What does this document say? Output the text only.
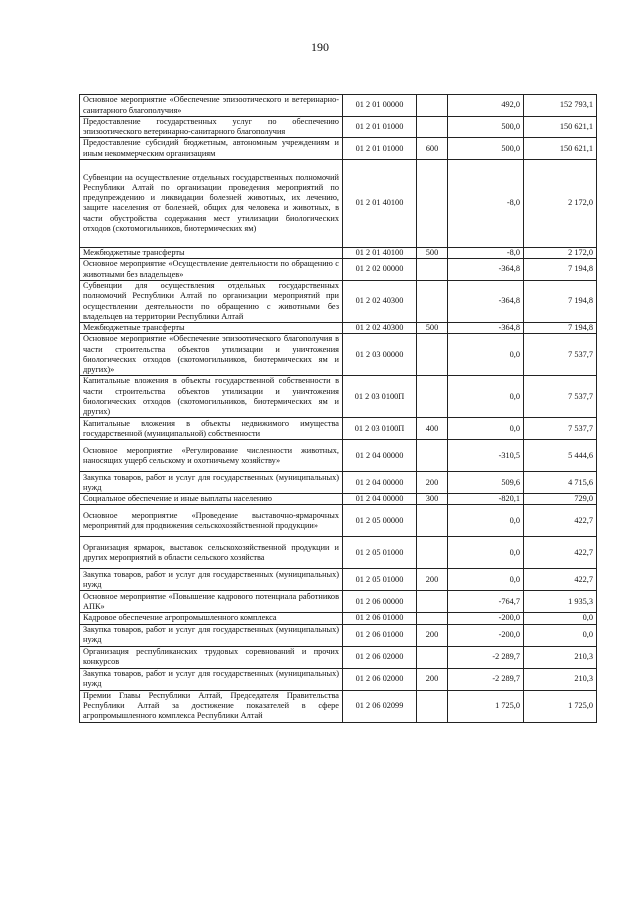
190
Основное мероприятие «Обеспечение эпизоотического и ветеринарно-санитарного благополучия»	01 2 01 00000		492,0	152 793,1
Предоставление государственных услуг по обеспечению эпизоотического ветеринарно-санитарного благополучия	01 2 01 01000		500,0	150 621,1
Предоставление субсидий бюджетным, автономным учреждениям и иным некоммерческим организациям	01 2 01 01000	600	500,0	150 621,1
Субвенции на осуществление отдельных государственных полномочий Республики Алтай по организации проведения мероприятий по предупреждению и ликвидации болезней животных, их лечению, защите населения от болезней, общих для человека и животных, в части обустройства содержания мест утилизации биологических отходов (скотомогильников, биотермических ям)	01 2 01 40100		-8,0	2 172,0
Межбюджетные трансферты	01 2 01 40100	500	-8,0	2 172,0
Основное мероприятие «Осуществление деятельности по обращению с животными без владельцев»	01 2 02 00000		-364,8	7 194,8
Субвенции для осуществления отдельных государственных полномочий Республики Алтай по организации мероприятий при осуществлении деятельности по обращению с животными без владельцев на территории Республики Алтай	01 2 02 40300		-364,8	7 194,8
Межбюджетные трансферты	01 2 02 40300	500	-364,8	7 194,8
Основное мероприятие «Обеспечение эпизоотического благополучия в части строительства объектов утилизации и уничтожения биологических отходов (скотомогильников, биотермических ям и других)»	01 2 03 00000		0,0	7 537,7
Капитальные вложения в объекты государственной собственности в части строительства объектов утилизации и уничтожения биологических отходов (скотомогильников, биотермических ям и других)	01 2 03 0100П		0,0	7 537,7
Капитальные вложения в объекты недвижимого имущества государственной (муниципальной) собственности	01 2 03 0100П	400	0,0	7 537,7
Основное мероприятие «Регулирование численности животных, наносящих ущерб сельскому и охотничьему хозяйству»	01 2 04 00000		-310,5	5 444,6
Закупка товаров, работ и услуг для государственных (муниципальных) нужд	01 2 04 00000	200	509,6	4 715,6
Социальное обеспечение и иные выплаты населению	01 2 04 00000	300	-820,1	729,0
Основное мероприятие «Проведение выставочно-ярмарочных мероприятий для продвижения сельскохозяйственной продукции»	01 2 05 00000		0,0	422,7
Организация ярмарок, выставок сельскохозяйственной продукции и других мероприятий в области сельского хозяйства	01 2 05 01000		0,0	422,7
Закупка товаров, работ и услуг для государственных (муниципальных) нужд	01 2 05 01000	200	0,0	422,7
Основное мероприятие «Повышение кадрового потенциала работников АПК»	01 2 06 00000		-764,7	1 935,3
Кадровое обеспечение агропромышленного комплекса	01 2 06 01000		-200,0	0,0
Закупка товаров, работ и услуг для государственных (муниципальных) нужд	01 2 06 01000	200	-200,0	0,0
Организация республиканских трудовых соревнований и прочих конкурсов	01 2 06 02000		-2 289,7	210,3
Закупка товаров, работ и услуг для государственных (муниципальных) нужд	01 2 06 02000	200	-2 289,7	210,3
Премии Главы Республики Алтай, Председателя Правительства Республики Алтай за достижение показателей в сфере агропромышленного комплекса Республики Алтай	01 2 06 02099		1 725,0	1 725,0
